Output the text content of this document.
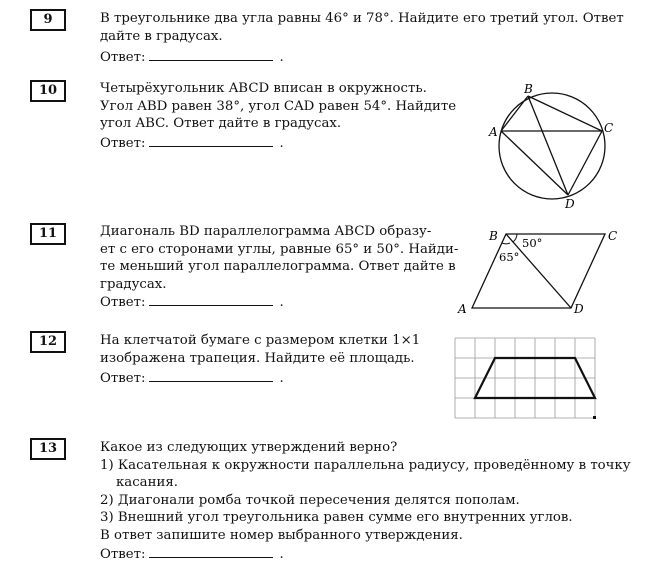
9	В треугольнике два угла равны 46° и 78°. Найдите его третий угол. Ответ
дайте в градусах.
Ответ:	.
10	Четырёхугольник ABCD вписан в окружность.
Угол ABD равен 38°, угол CAD равен 54°. Найдите
угол ABC. Ответ дайте в градусах.
Ответ:	.
A
B
C
D
11	Диагональ BD параллелограмма ABCD образу-
ет с его сторонами углы, равные 65° и 50°. Найди-
те меньший угол параллелограмма. Ответ дайте в
градусах.
Ответ:	.
B	C
A	D
50°
65°
12	На клетчатой бумаге с размером клетки 1×1
изображена трапеция. Найдите её площадь.
Ответ:	.
13	Какое из следующих утверждений верно?
1) Касательная к окружности параллельна радиусу, проведённому в точку касания.
2) Диагонали ромба точкой пересечения делятся пополам.
3) Внешний угол треугольника равен сумме его внутренних углов.
В ответ запишите номер выбранного утверждения.
Ответ:	.
